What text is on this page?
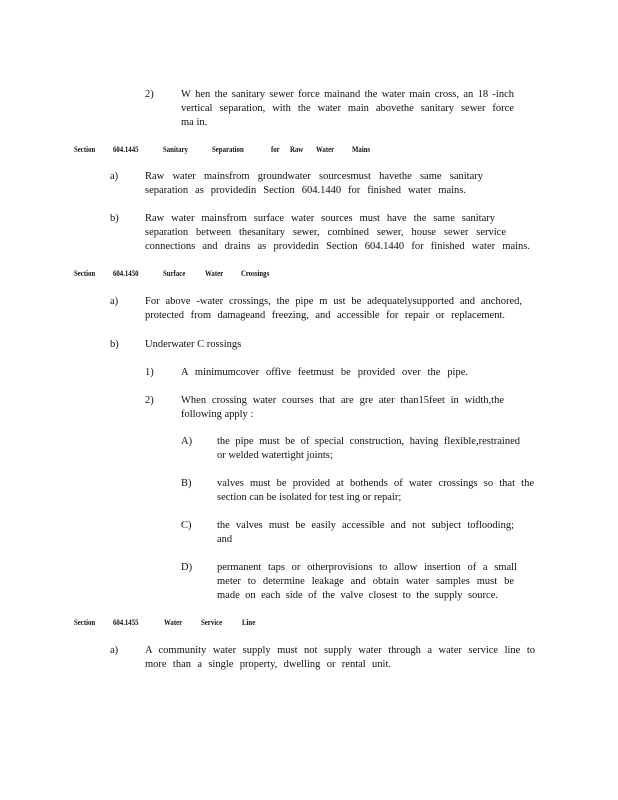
2)	W hen the sanitary sewer force mainand the water main cross, an 18 -inch
vertical separation, with the water main abovethe sanitary sewer force
ma in.
Section 604.1445	Sanitary	Separation	for Raw Water Mains
a)	Raw water mainsfrom groundwater sourcesmust havethe same sanitary
separation as providedin Section 604.1440 for finished water mains.
b)	Raw water mainsfrom surface water sources must have the same sanitary
separation between thesanitary sewer, combined sewer, house sewer service
connections and drains as providedin Section 604.1440 for finished water mains.
Section 604.1450	Surface Water Crossings
a)	For above -water crossings, the pipe m ust be adequatelysupported and anchored,
protected from damageand freezing, and accessible for repair or replacement.
b)	Underwater C rossings
1)	A minimumcover offive feetmust be provided over the pipe.
2)	When crossing water courses that are gre ater than15feet in width,the
following apply :
A) the pipe must be of special construction, having flexible,restrained
or welded watertight joints;
B) valves must be provided at bothends of water crossings so that the
section can be isolated for test ing or repair;
C) the valves must be easily accessible and not subject toflooding;
and
D) permanent taps or otherprovisions to allow insertion of a small
meter to determine leakage and obtain water samples must be
made on each side of the valve closest to the supply source.
Section 604.1455	Water Service Line
a)	A community water supply must not supply water through a water service line to
more than a single property, dwelling or rental unit.
